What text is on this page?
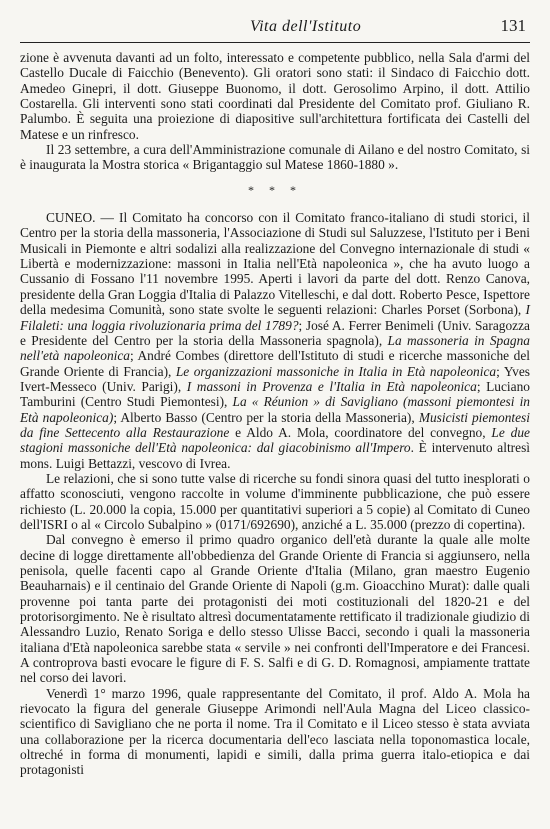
Vita dell'Istituto	131

zione è avvenuta davanti ad un folto, interessato e competente pubblico, nella Sala d'armi del Castello Ducale di Faicchio (Benevento). Gli oratori sono stati: il Sindaco di Faicchio dott. Amedeo Ginepri, il dott. Giuseppe Buonomo, il dott. Gerosolimo Arpino, il dott. Attilio Costarella. Gli interventi sono stati coordinati dal Presidente del Comitato prof. Giuliano R. Palumbo. È seguita una proiezione di diapositive sull'architettura fortificata dei Castelli del Matese e un rinfresco.

Il 23 settembre, a cura dell'Amministrazione comunale di Ailano e del nostro Comitato, si è inaugurata la Mostra storica « Brigantaggio sul Matese 1860-1880 ».

* * *

CUNEO. — Il Comitato ha concorso con il Comitato franco-italiano di studi storici, il Centro per la storia della massoneria, l'Associazione di Studi sul Saluzzese, l'Istituto per i Beni Musicali in Piemonte e altri sodalizi alla realizzazione del Convegno internazionale di studi « Libertà e modernizzazione: massoni in Italia nell'Età napoleonica », che ha avuto luogo a Cussanio di Fossano l'11 novembre 1995. Aperti i lavori da parte del dott. Renzo Canova, presidente della Gran Loggia d'Italia di Palazzo Vitelleschi, e dal dott. Roberto Pesce, Ispettore della medesima Comunità, sono state svolte le seguenti relazioni: Charles Porset (Sorbona), I Filaleti: una loggia rivoluzionaria prima del 1789?; José A. Ferrer Benimeli (Univ. Saragozza e Presidente del Centro per la storia della Massoneria spagnola), La massoneria in Spagna nell'età napoleonica; André Combes (direttore dell'Istituto di studi e ricerche massoniche del Grande Oriente di Francia), Le organizzazioni massoniche in Italia in Età napoleonica; Yves Ivert-Messeco (Univ. Parigi), I massoni in Provenza e l'Italia in Età napoleonica; Luciano Tamburini (Centro Studi Piemontesi), La « Réunion » di Savigliano (massoni piemontesi in Età napoleonica); Alberto Basso (Centro per la storia della Massoneria), Musicisti piemontesi da fine Settecento alla Restaurazione e Aldo A. Mola, coordinatore del convegno, Le due stagioni massoniche dell'Età napoleonica: dal giacobinismo all'Impero. È intervenuto altresì mons. Luigi Bettazzi, vescovo di Ivrea.

Le relazioni, che si sono tutte valse di ricerche su fondi sinora quasi del tutto inesplorati o affatto sconosciuti, vengono raccolte in volume d'imminente pubblicazione, che può essere richiesto (L. 20.000 la copia, 15.000 per quantitativi superiori a 5 copie) al Comitato di Cuneo dell'ISRI o al « Circolo Subalpino » (0171/692690), anziché a L. 35.000 (prezzo di copertina).

Dal convegno è emerso il primo quadro organico dell'età durante la quale alle molte decine di logge direttamente all'obbedienza del Grande Oriente di Francia si aggiunsero, nella penisola, quelle facenti capo al Grande Oriente d'Italia (Milano, gran maestro Eugenio Beauharnais) e il centinaio del Grande Oriente di Napoli (g.m. Gioacchino Murat): dalle quali provenne poi tanta parte dei protagonisti dei moti costituzionali del 1820-21 e del protorisorgimento. Ne è risultato altresì documentatamente rettificato il tradizionale giudizio di Alessandro Luzio, Renato Soriga e dello stesso Ulisse Bacci, secondo i quali la massoneria italiana d'Età napoleonica sarebbe stata « servile » nei confronti dell'Imperatore e dei Francesi. A controprova basti evocare le figure di F. S. Salfi e di G. D. Romagnosi, ampiamente trattate nel corso dei lavori.

Venerdì 1° marzo 1996, quale rappresentante del Comitato, il prof. Aldo A. Mola ha rievocato la figura del generale Giuseppe Arimondi nell'Aula Magna del Liceo classico-scientifico di Savigliano che ne porta il nome. Tra il Comitato e il Liceo stesso è stata avviata una collaborazione per la ricerca documentaria dell'eco lasciata nella toponomastica locale, oltreché in forma di monumenti, lapidi e simili, dalla prima guerra italo-etiopica e dai protagonisti
